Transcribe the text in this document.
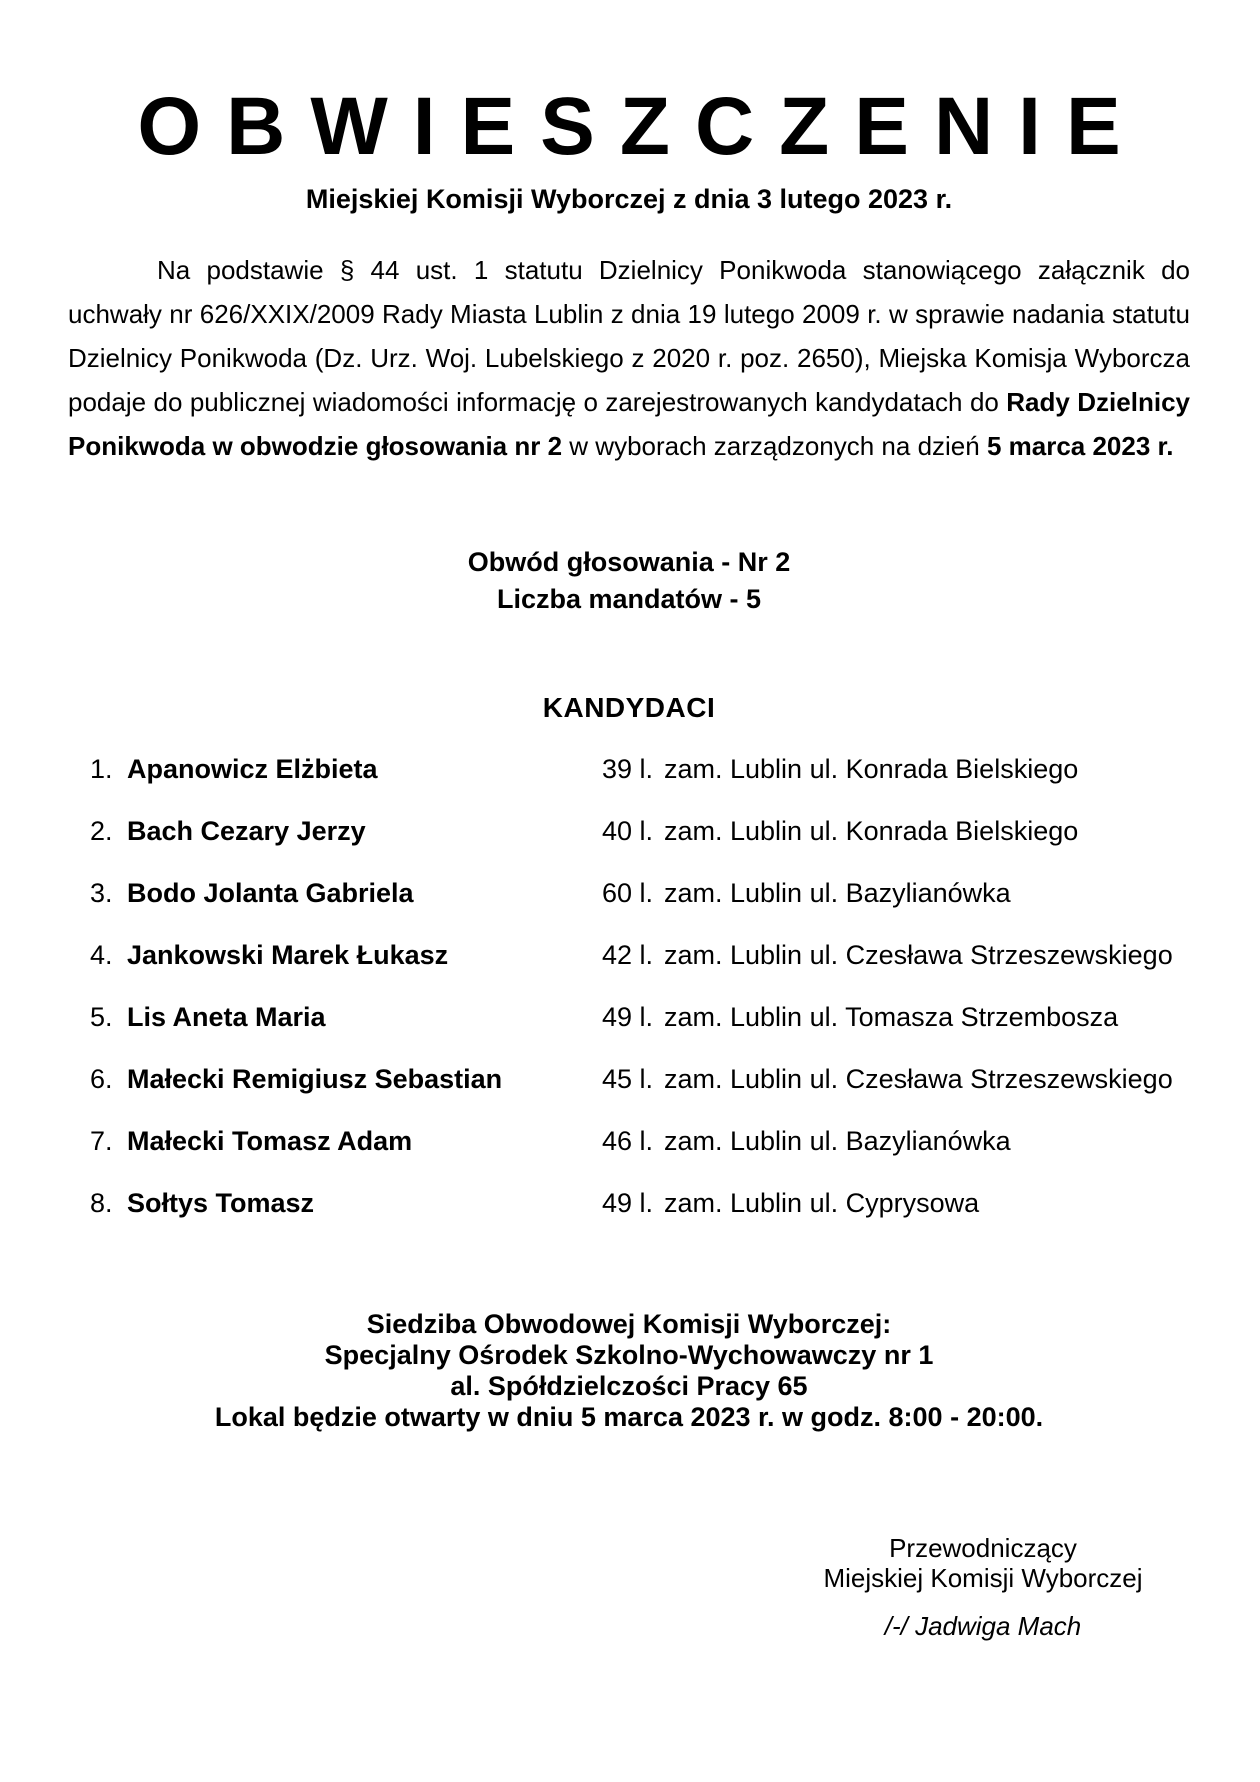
OBWIESZCZENIE
Miejskiej Komisji Wyborczej z dnia 3 lutego 2023 r.

Na podstawie § 44 ust. 1 statutu Dzielnicy Ponikwoda stanowiącego załącznik do uchwały nr 626/XXIX/2009 Rady Miasta Lublin z dnia 19 lutego 2009 r. w sprawie nadania statutu Dzielnicy Ponikwoda (Dz. Urz. Woj. Lubelskiego z 2020 r. poz. 2650), Miejska Komisja Wyborcza podaje do publicznej wiadomości informację o zarejestrowanych kandydatach do Rady Dzielnicy Ponikwoda w obwodzie głosowania nr 2 w wyborach zarządzonych na dzień 5 marca 2023 r.

Obwód głosowania - Nr 2
Liczba mandatów - 5
KANDYDACI
1. Apanowicz Elżbieta	39 l. zam. Lublin ul. Konrada Bielskiego
2. Bach Cezary Jerzy	40 l. zam. Lublin ul. Konrada Bielskiego
3. Bodo Jolanta Gabriela	60 l. zam. Lublin ul. Bazylianówka
4. Jankowski Marek Łukasz	42 l. zam. Lublin ul. Czesława Strzeszewskiego
5. Lis Aneta Maria	49 l. zam. Lublin ul. Tomasza Strzembosza
6. Małecki Remigiusz Sebastian	45 l. zam. Lublin ul. Czesława Strzeszewskiego
7. Małecki Tomasz Adam	46 l. zam. Lublin ul. Bazylianówka
8. Sołtys Tomasz	49 l. zam. Lublin ul. Cyprysowa
Siedziba Obwodowej Komisji Wyborczej:
Specjalny Ośrodek Szkolno-Wychowawczy nr 1
al. Spółdzielczości Pracy 65
Lokal będzie otwarty w dniu 5 marca 2023 r. w godz. 8:00 - 20:00.
Przewodniczący
Miejskiej Komisji Wyborczej
/-/ Jadwiga Mach
